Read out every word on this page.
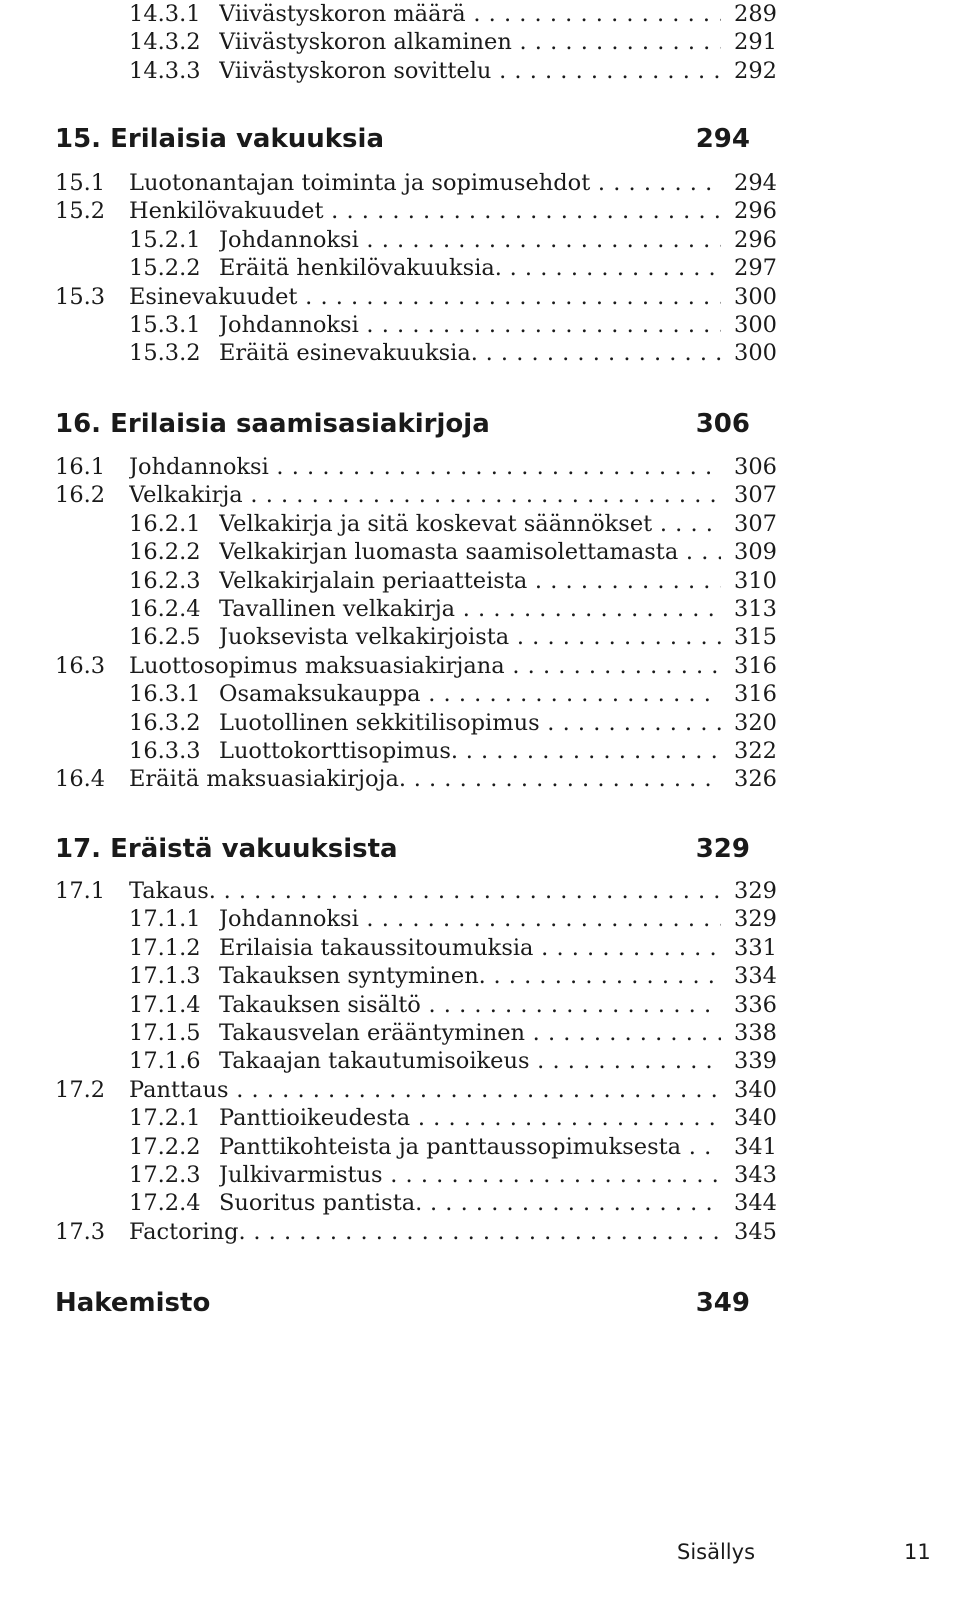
14.3.1 Viivästyskoron määrä . . .	289
14.3.2 Viivästyskoron alkaminen . . .	291
14.3.3 Viivästyskoron sovittelu . . .	292
15. Erilaisia vakuuksia	294
15.1 Luotonantajan toiminta ja sopimusehdot . . .	294
15.2 Henkilövakuudet . . .	296
15.2.1 Johdannoksi . . .	296
15.2.2 Eräitä henkilövakuuksia. . . .	297
15.3 Esinevakuudet . . .	300
15.3.1 Johdannoksi . . .	300
15.3.2 Eräitä esinevakuuksia. . . .	300
16. Erilaisia saamisasiakirjoja	306
16.1 Johdannoksi . . .	306
16.2 Velkakirja . . .	307
16.2.1 Velkakirja ja sitä koskevat säännökset . . .	307
16.2.2 Velkakirjan luomasta saamisolettamasta . . .	309
16.2.3 Velkakirjalain periaatteista . . .	310
16.2.4 Tavallinen velkakirja . . .	313
16.2.5 Juoksevista velkakirjoista . . .	315
16.3 Luottosopimus maksuasiakirjana . . .	316
16.3.1 Osamaksukauppa . . .	316
16.3.2 Luotollinen sekkitilisopimus . . .	320
16.3.3 Luottokorttisopimus. . . .	322
16.4 Eräitä maksuasiakirjoja. . . .	326
17. Eräistä vakuuksista	329
17.1 Takaus. . . .	329
17.1.1 Johdannoksi . . .	329
17.1.2 Erilaisia takaussitoumuksia . . .	331
17.1.3 Takauksen syntyminen. . . .	334
17.1.4 Takauksen sisältö . . .	336
17.1.5 Takausvelan erääntyminen . . .	338
17.1.6 Takaajan takautumisoikeus . . .	339
17.2 Panttaus . . .	340
17.2.1 Panttioikeudesta . . .	340
17.2.2 Panttikohteista ja panttaussopimuksesta . . .	341
17.2.3 Julkivarmistus . . .	343
17.2.4 Suoritus pantista. . . .	344
17.3 Factoring. . . .	345
Hakemisto	349
Sisällys	11
